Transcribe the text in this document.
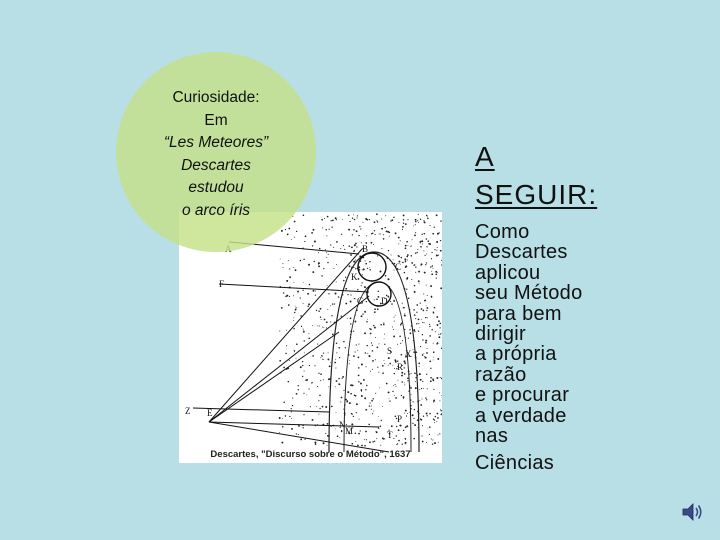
F
Z E
B
K
C
G
N
D
M
R
S X
P
T
Descartes, "Discurso sobre o Método", 1637
Curiosidade:
Em
“Les Meteores”
Descartes
estudou
o arco íris
A
SEGUIR:
Como
Descartes
aplicou
seu Método
para bem
dirigir
a própria
razão
e procurar
a verdade
nas
Ciências
